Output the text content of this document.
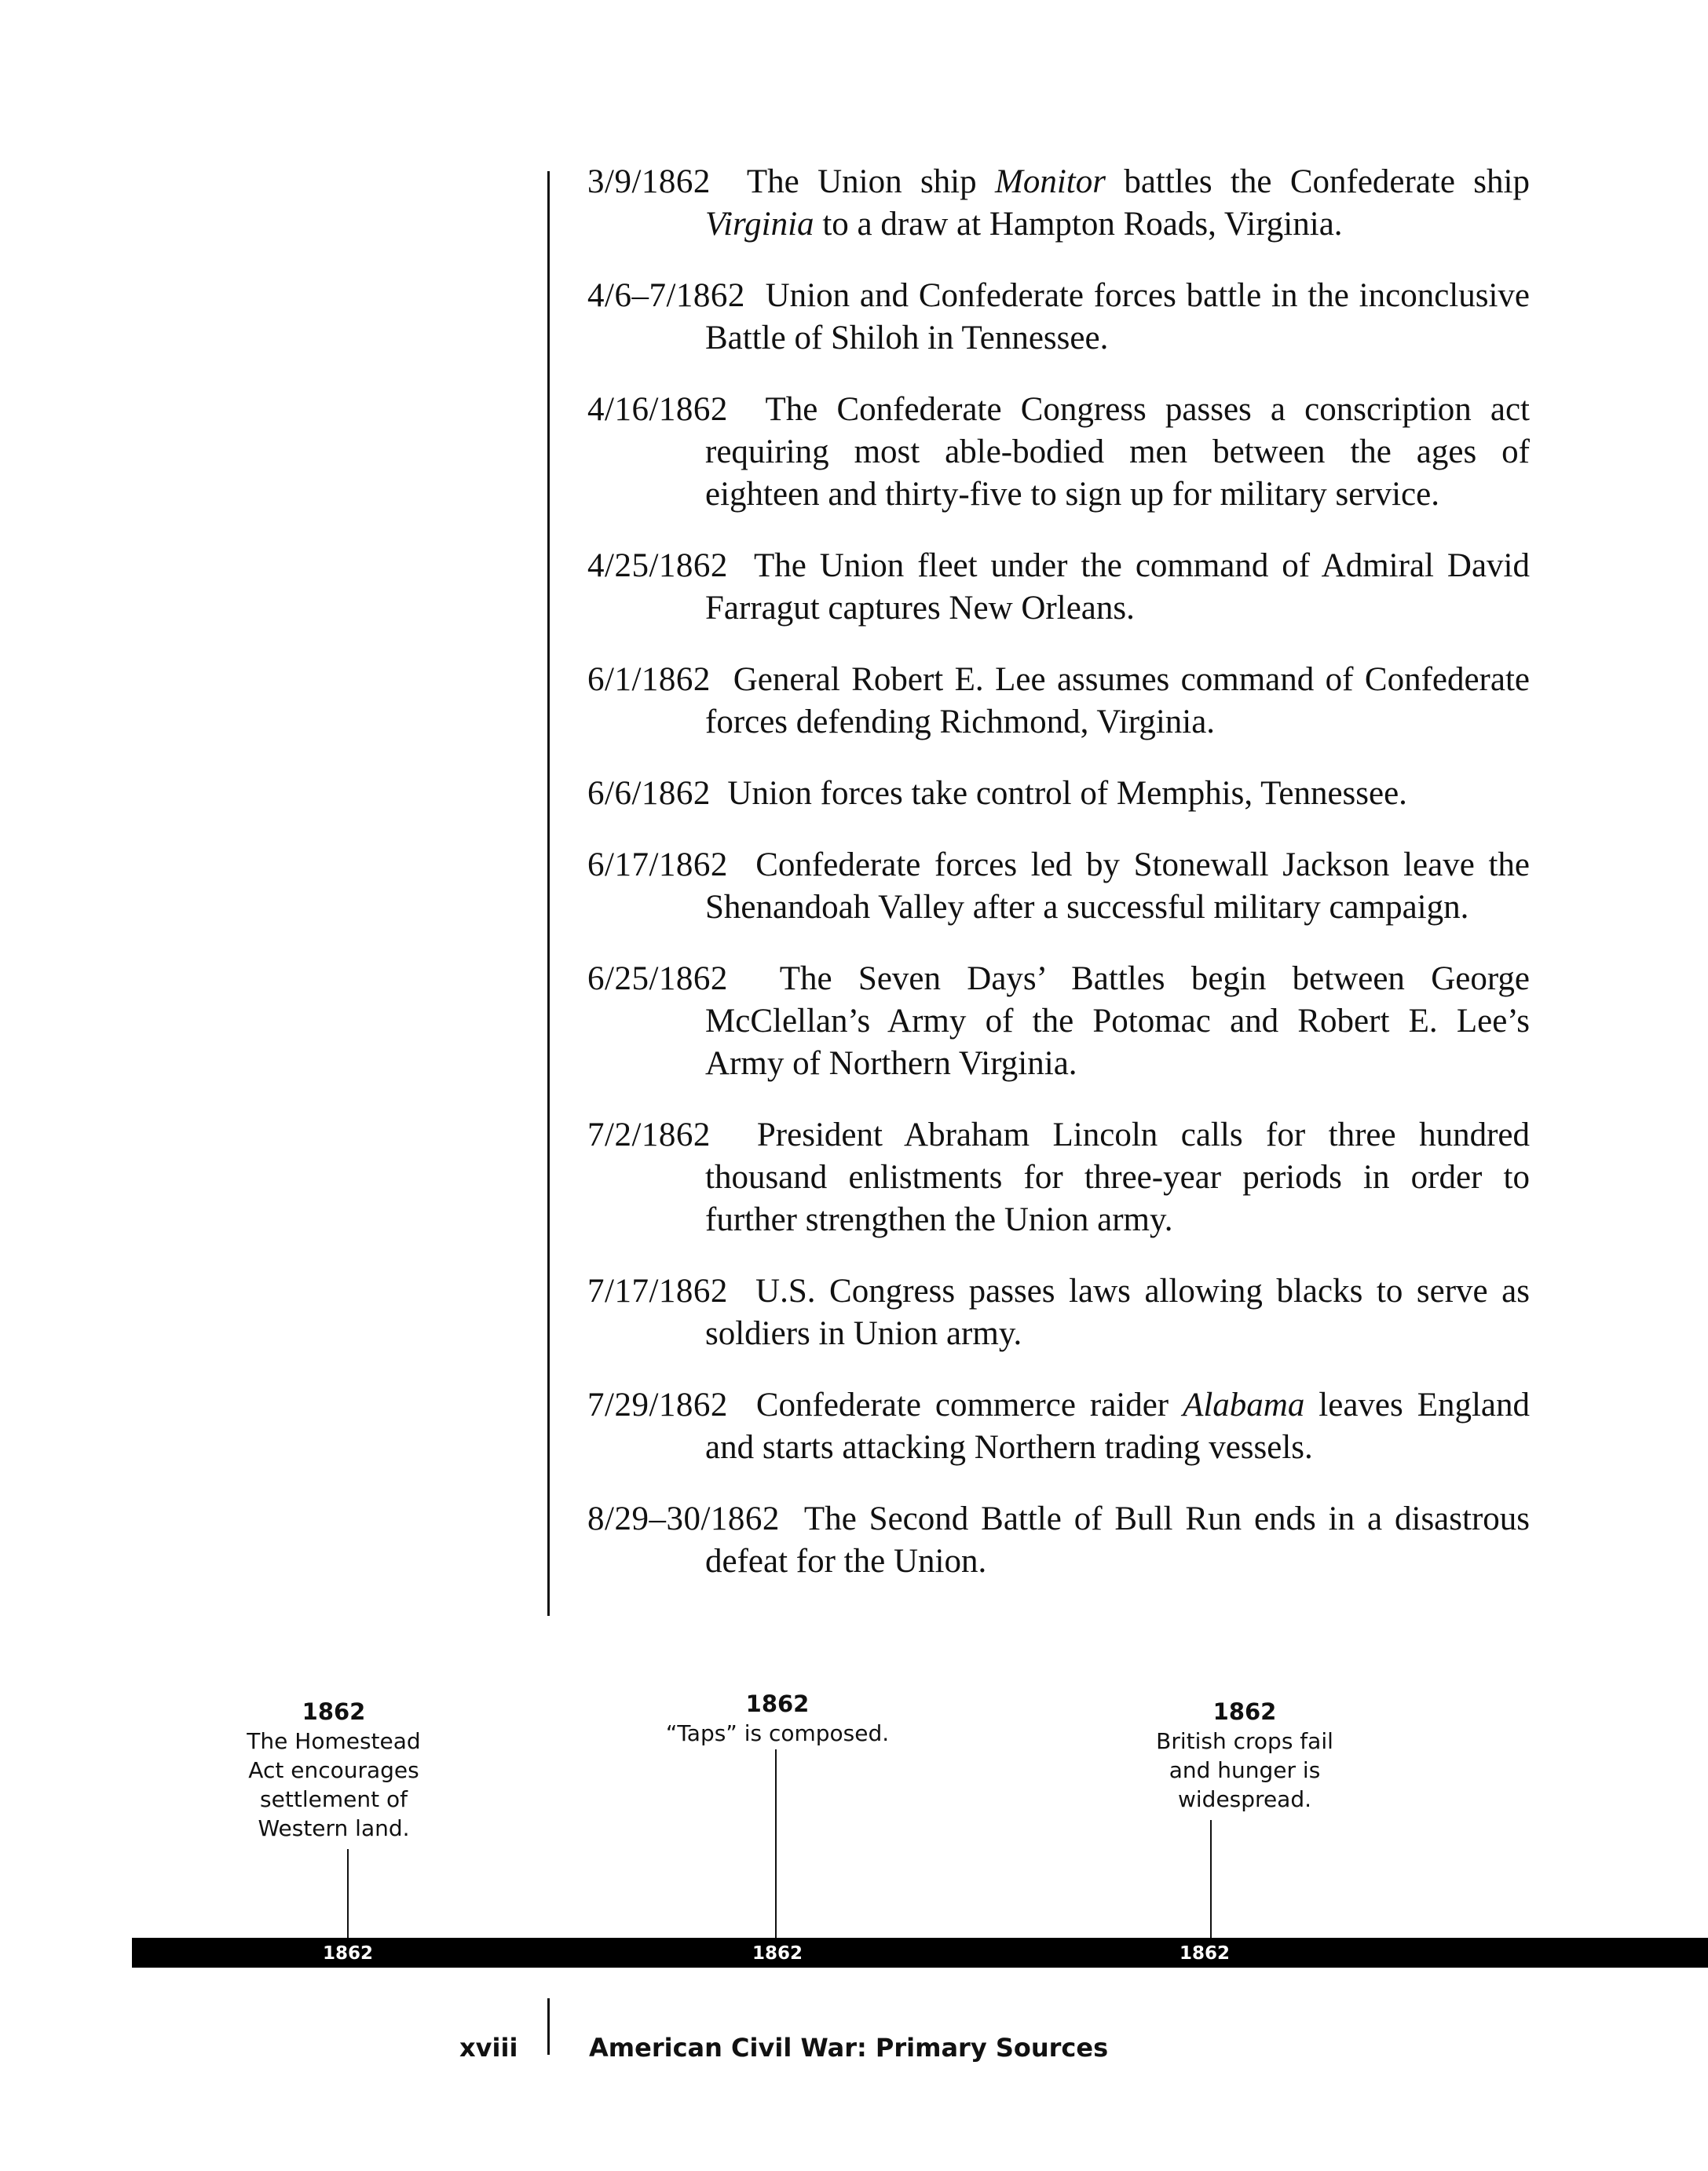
3/9/1862 The Union ship Monitor battles the Confederate ship Virginia to a draw at Hampton Roads, Virginia.

4/6–7/1862 Union and Confederate forces battle in the inconclusive Battle of Shiloh in Tennessee.

4/16/1862 The Confederate Congress passes a conscription act requiring most able-bodied men between the ages of eighteen and thirty-five to sign up for military service.

4/25/1862 The Union fleet under the command of Admiral David Farragut captures New Orleans.

6/1/1862 General Robert E. Lee assumes command of Confederate forces defending Richmond, Virginia.

6/6/1862 Union forces take control of Memphis, Tennessee.

6/17/1862 Confederate forces led by Stonewall Jackson leave the Shenandoah Valley after a successful military campaign.

6/25/1862 The Seven Days’ Battles begin between George McClellan’s Army of the Potomac and Robert E. Lee’s Army of Northern Virginia.

7/2/1862 President Abraham Lincoln calls for three hundred thousand enlistments for three-year periods in order to further strengthen the Union army.

7/17/1862 U.S. Congress passes laws allowing blacks to serve as soldiers in Union army.

7/29/1862 Confederate commerce raider Alabama leaves England and starts attacking Northern trading vessels.

8/29–30/1862 The Second Battle of Bull Run ends in a disastrous defeat for the Union.

1862
The Homestead
Act encourages
settlement of
Western land.
1862
“Taps” is composed.
1862
British crops fail
and hunger is
widespread.
1862	1862	1862
xviii	American Civil War: Primary Sources
